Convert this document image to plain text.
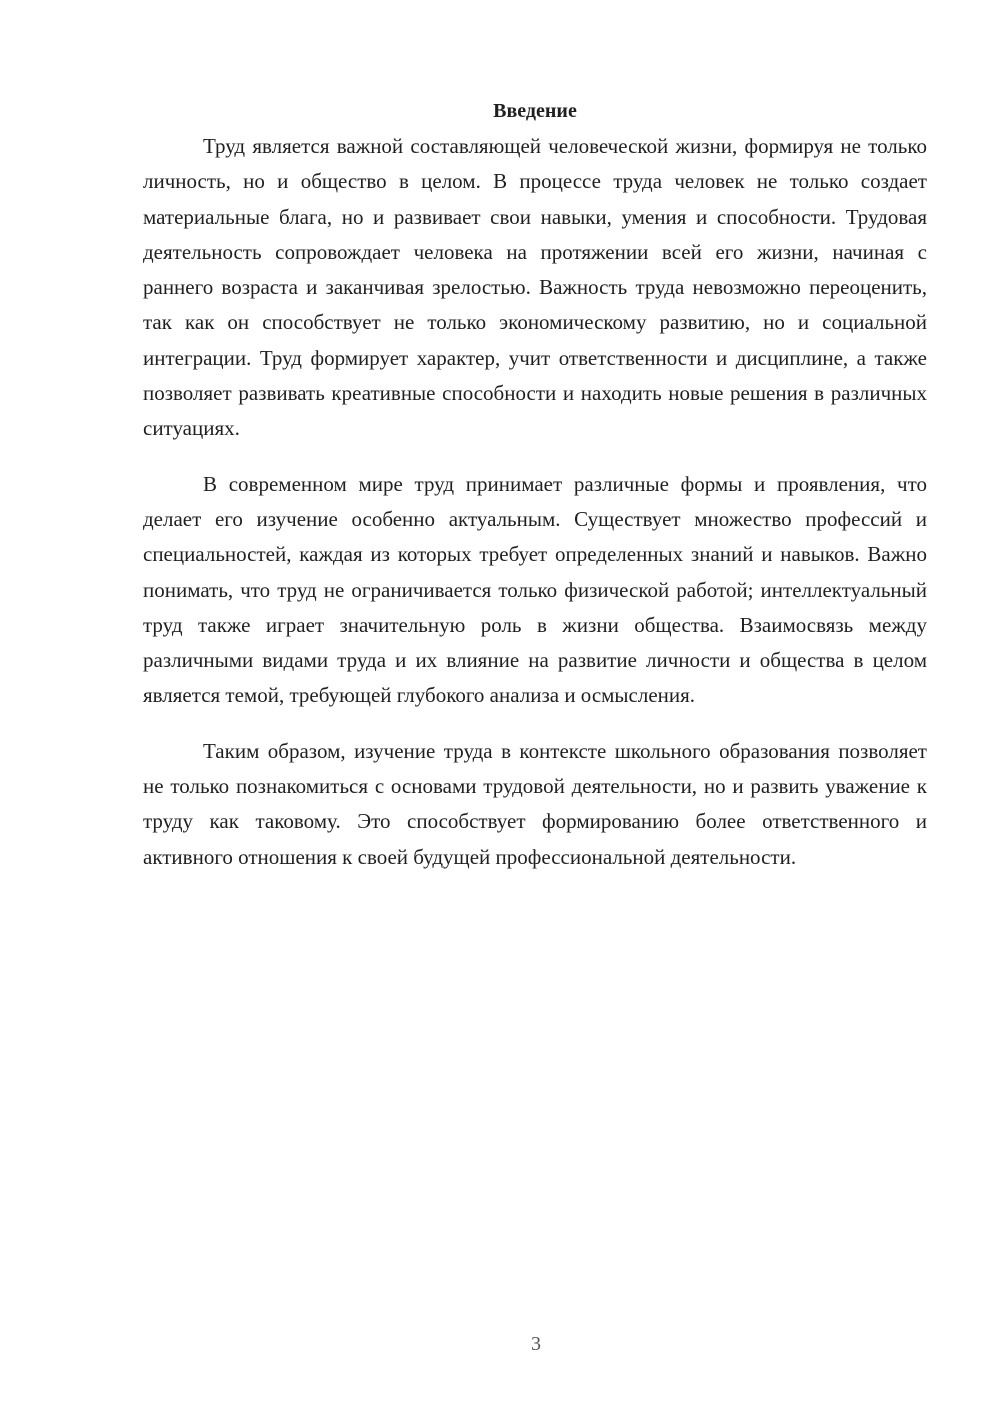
Введение

Труд является важной составляющей человеческой жизни, формируя не только личность, но и общество в целом. В процессе труда человек не только создает материальные блага, но и развивает свои навыки, умения и способности. Трудовая деятельность сопровождает человека на протяжении всей его жизни, начиная с раннего возраста и заканчивая зрелостью. Важность труда невозможно переоценить, так как он способствует не только экономическому развитию, но и социальной интеграции. Труд формирует характер, учит ответственности и дисциплине, а также позволяет развивать креативные способности и находить новые решения в различных ситуациях.

В современном мире труд принимает различные формы и проявления, что делает его изучение особенно актуальным. Существует множество профессий и специальностей, каждая из которых требует определенных знаний и навыков. Важно понимать, что труд не ограничивается только физической работой; интеллектуальный труд также играет значительную роль в жизни общества. Взаимосвязь между различными видами труда и их влияние на развитие личности и общества в целом является темой, требующей глубокого анализа и осмысления.

Таким образом, изучение труда в контексте школьного образования позволяет не только познакомиться с основами трудовой деятельности, но и развить уважение к труду как таковому. Это способствует формированию более ответственного и активного отношения к своей будущей профессиональной деятельности.

3
